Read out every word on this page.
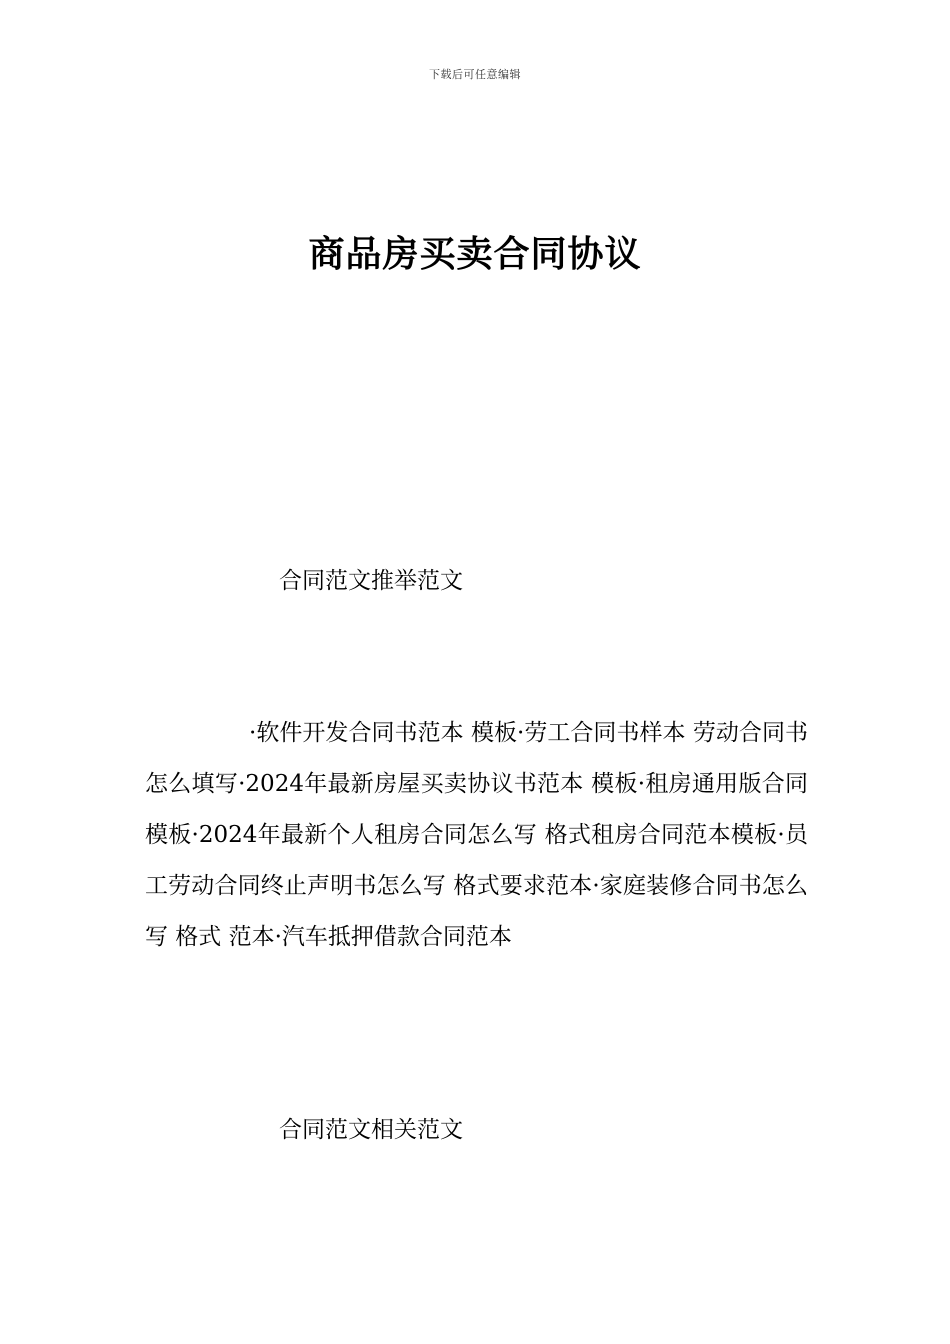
下载后可任意编辑
商品房买卖合同协议
合同范文推举范文

·软件开发合同书范本 模板·劳工合同书样本 劳动合同书怎么填写·2024年最新房屋买卖协议书范本 模板·租房通用版合同模板·2024年最新个人租房合同怎么写 格式租房合同范本模板·员工劳动合同终止声明书怎么写 格式要求范本·家庭装修合同书怎么写 格式 范本·汽车抵押借款合同范本

合同范文相关范文
